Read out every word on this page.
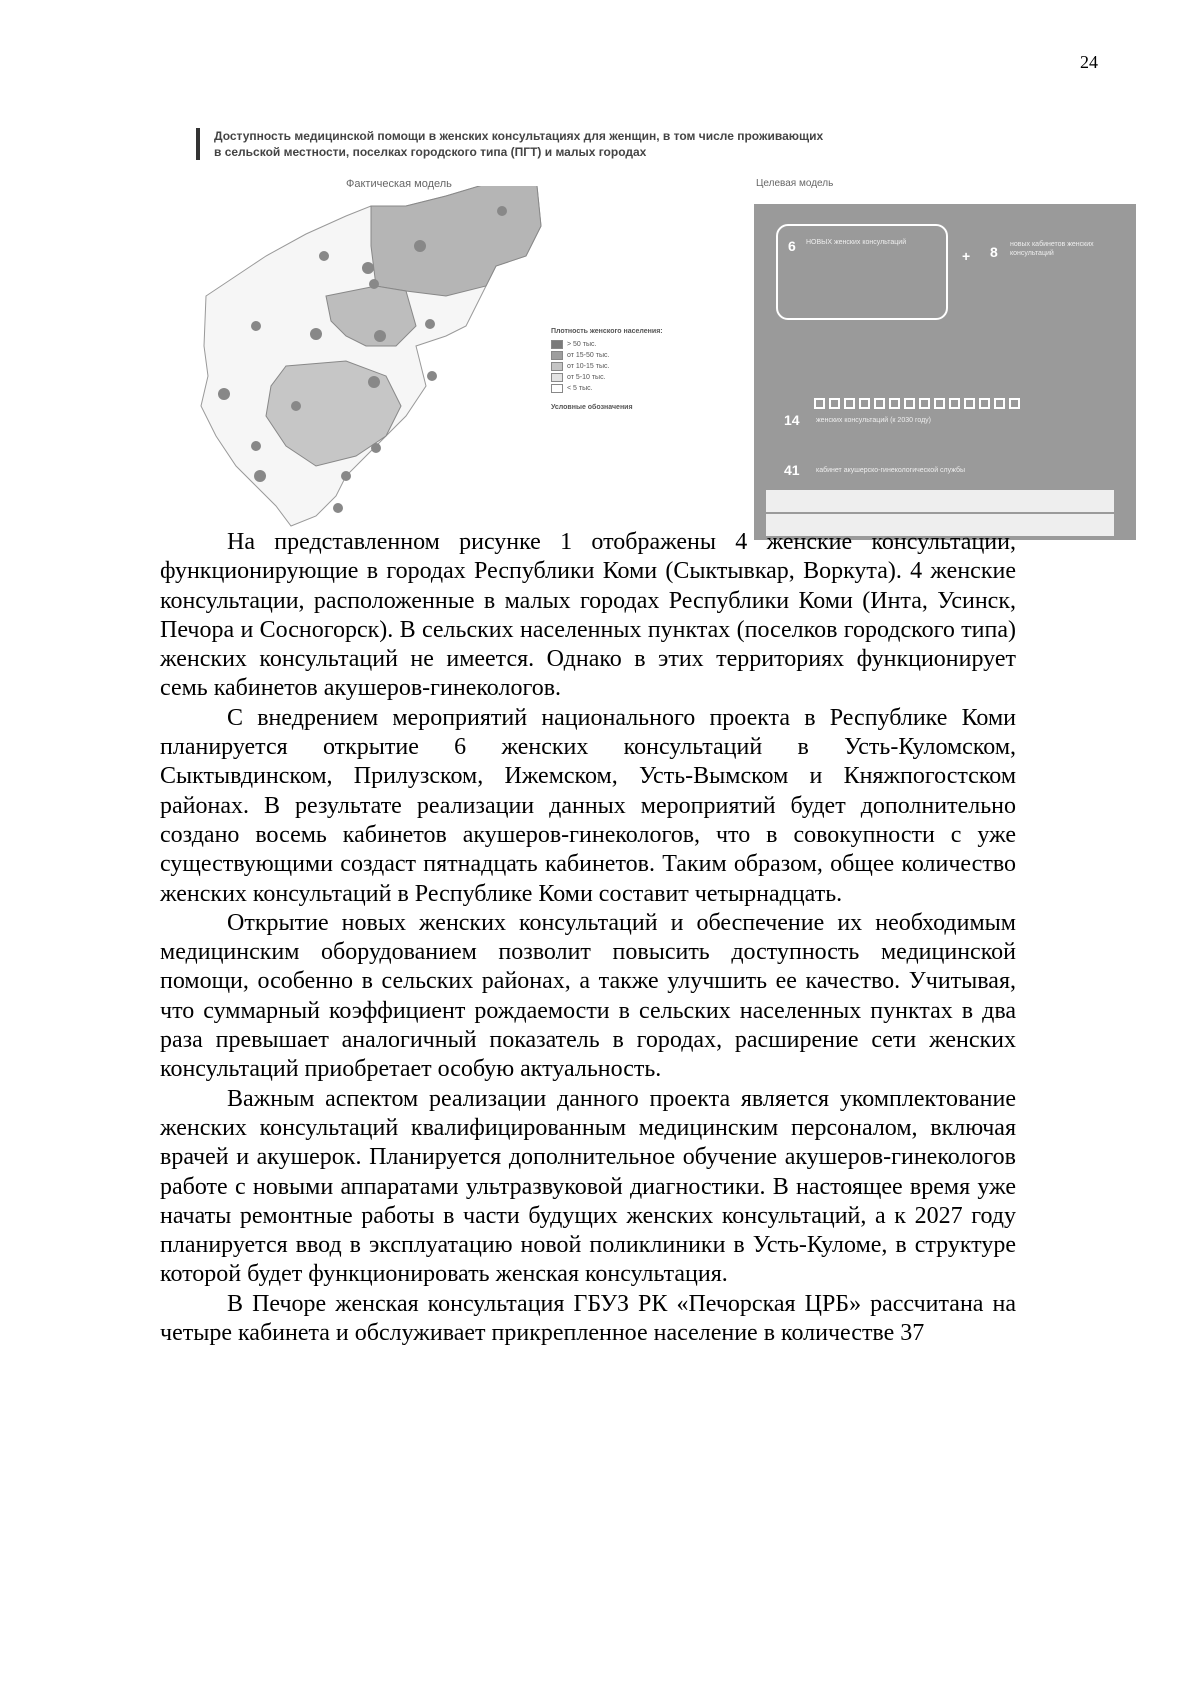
24
Доступность медицинской помощи в женских консультациях для женщин, в том числе проживающих
в сельской местности, поселках городского типа (ПГТ) и малых городах
Фактическая модель
Плотность женского населения:
> 50 тыс.
от 15-50 тыс.
от 10-15 тыс.
от 5-10 тыс.
< 5 тыс.
Условные обозначения
Целевая модель
6 НОВЫХ женских консультаций
+ 8 новых кабинетов женских консультаций
14 женских консультаций (к 2030 году)
41 кабинет акушерско-гинекологической службы

На представленном рисунке 1 отображены 4 женские консультации, функционирующие в городах Республики Коми (Сыктывкар, Воркута). 4 женские консультации, расположенные в малых городах Республики Коми (Инта, Усинск, Печора и Сосногорск). В сельских населенных пунктах (поселков городского типа) женских консультаций не имеется. Однако в этих территориях функционирует семь кабинетов акушеров-гинекологов.

С внедрением мероприятий национального проекта в Республике Коми планируется открытие 6 женских консультаций в Усть-Куломском, Сыктывдинском, Прилузском, Ижемском, Усть-Вымском и Княжпогостском районах. В результате реализации данных мероприятий будет дополнительно создано восемь кабинетов акушеров-гинекологов, что в совокупности с уже существующими создаст пятнадцать кабинетов. Таким образом, общее количество женских консультаций в Республике Коми составит четырнадцать.

Открытие новых женских консультаций и обеспечение их необходимым медицинским оборудованием позволит повысить доступность медицинской помощи, особенно в сельских районах, а также улучшить ее качество. Учитывая, что суммарный коэффициент рождаемости в сельских населенных пунктах в два раза превышает аналогичный показатель в городах, расширение сети женских консультаций приобретает особую актуальность.

Важным аспектом реализации данного проекта является укомплектование женских консультаций квалифицированным медицинским персоналом, включая врачей и акушерок. Планируется дополнительное обучение акушеров-гинекологов работе с новыми аппаратами ультразвуковой диагностики. В настоящее время уже начаты ремонтные работы в части будущих женских консультаций, а к 2027 году планируется ввод в эксплуатацию новой поликлиники в Усть-Куломе, в структуре которой будет функционировать женская консультация.

В Печоре женская консультация ГБУЗ РК «Печорская ЦРБ» рассчитана на четыре кабинета и обслуживает прикрепленное население в количестве 37
